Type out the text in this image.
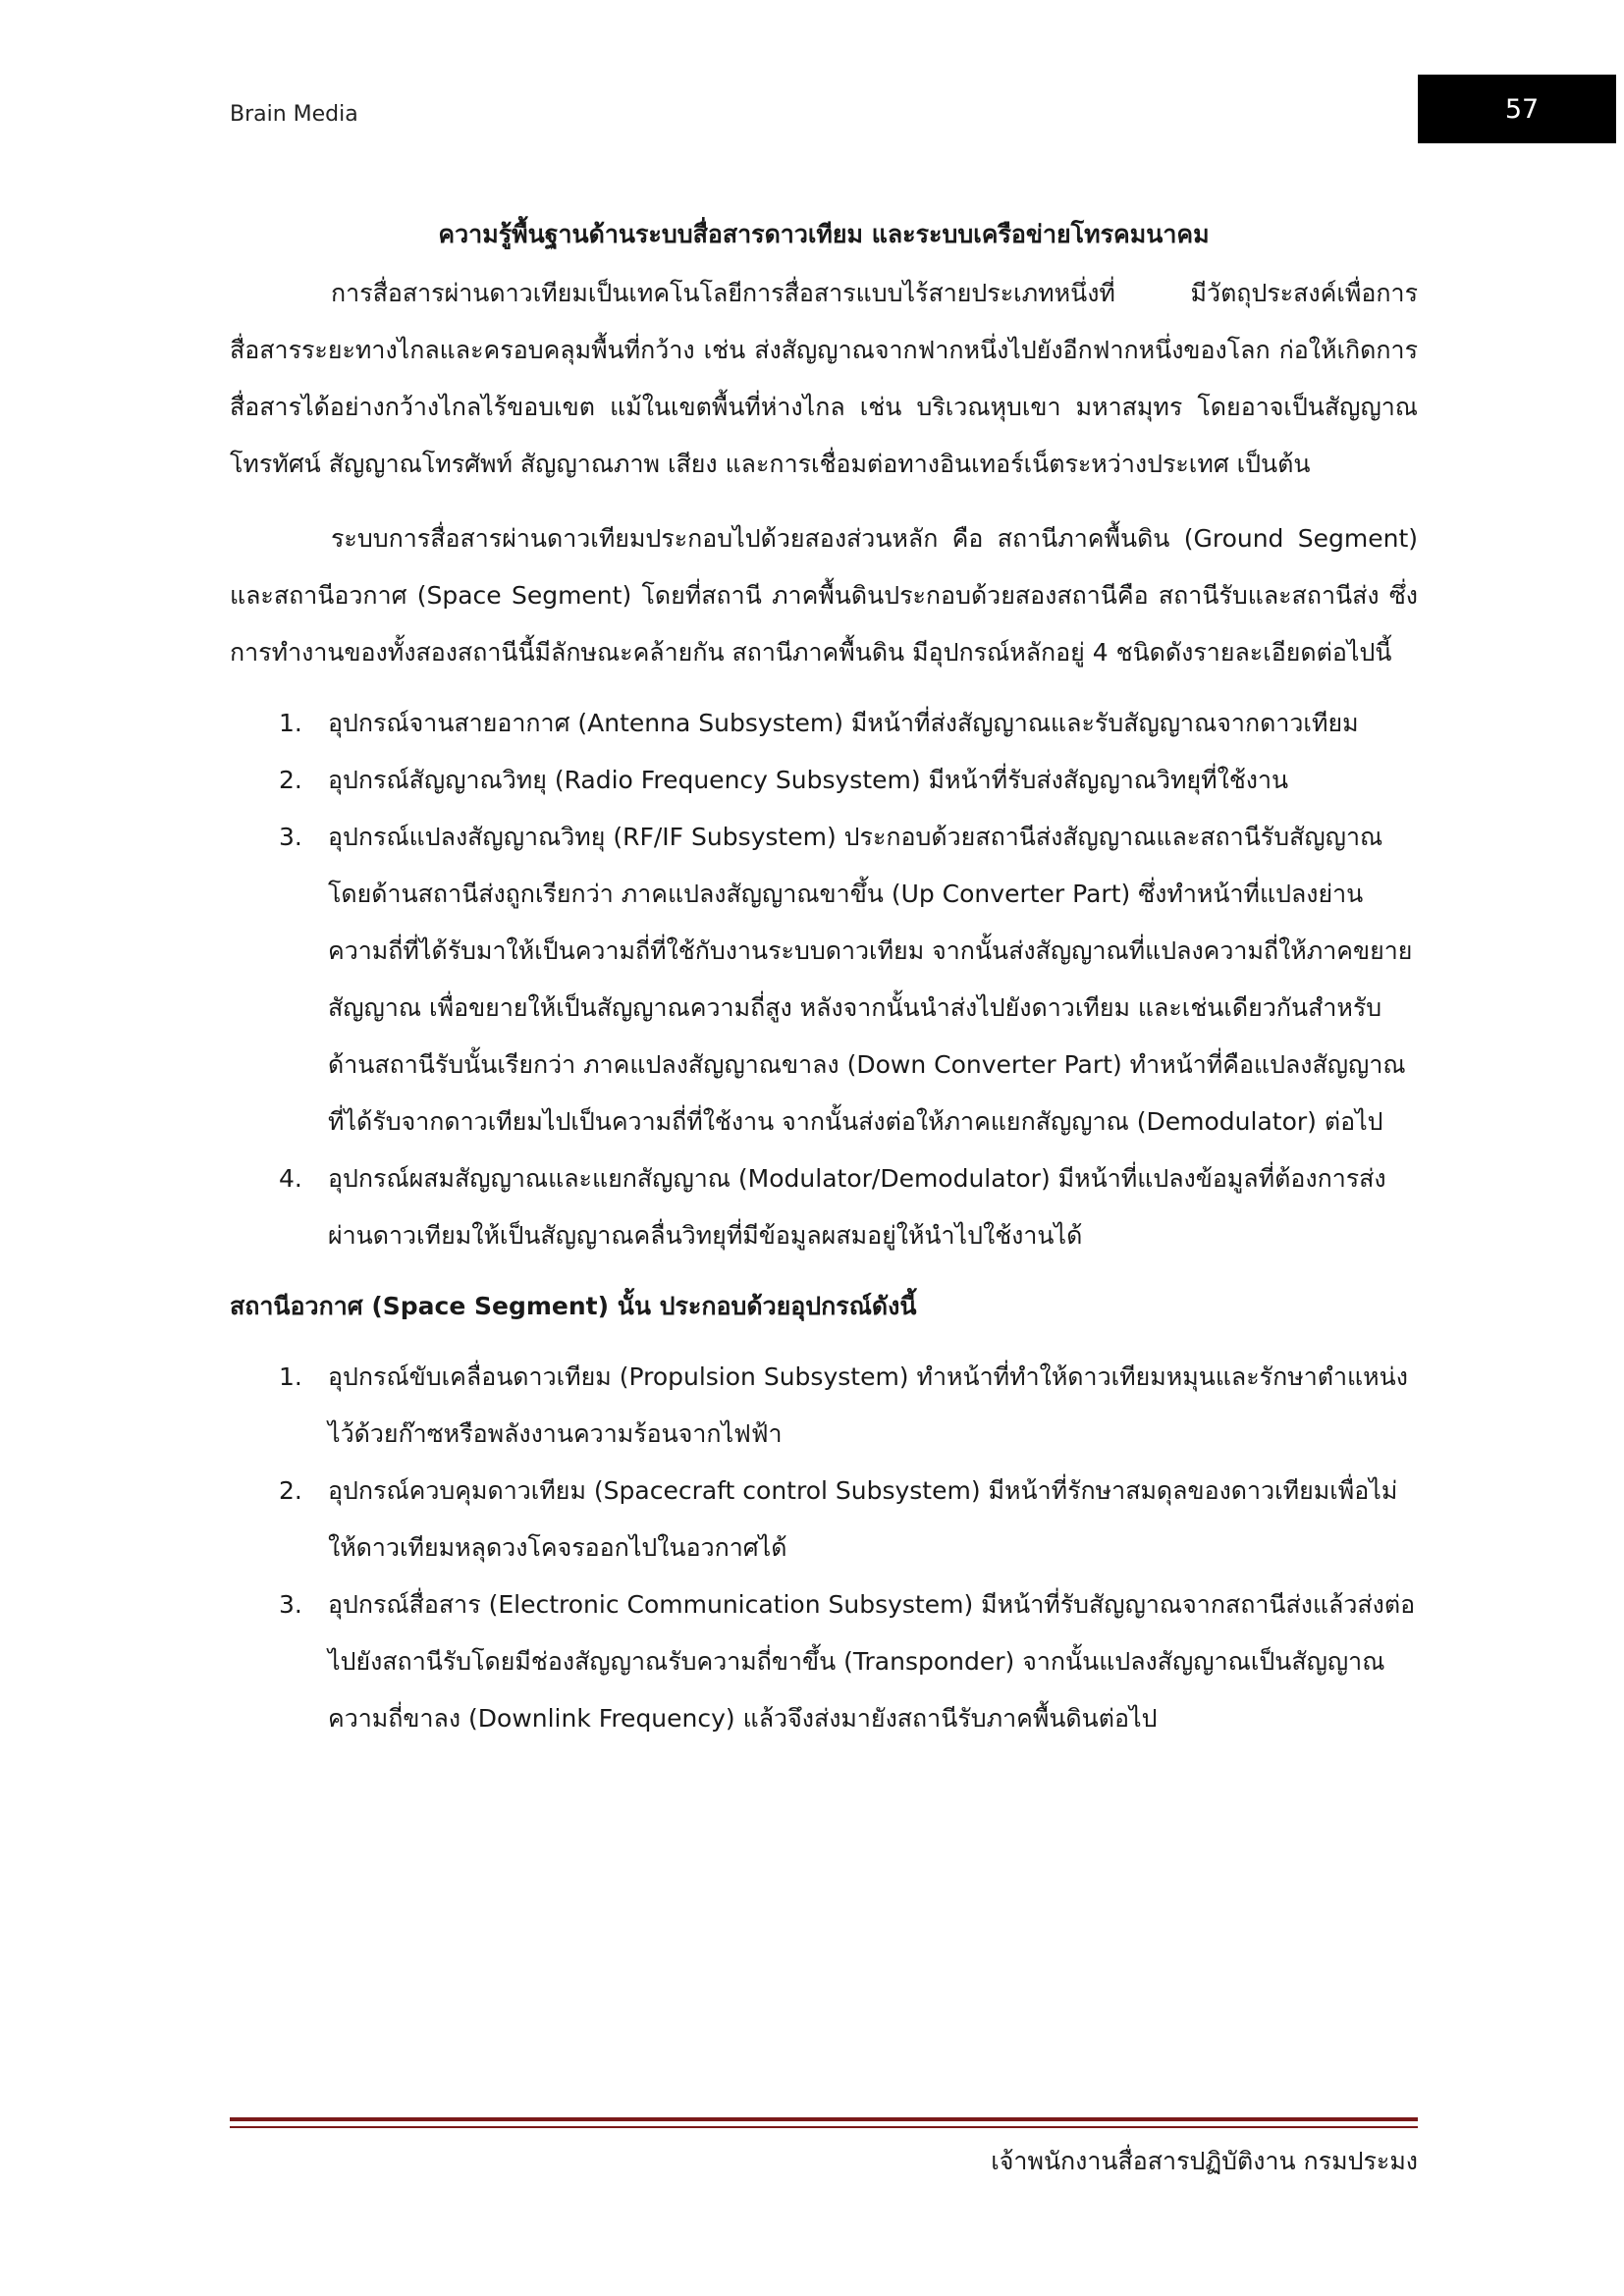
Brain Media	57
ความรู้พื้นฐานด้านระบบสื่อสารดาวเทียม และระบบเครือข่ายโทรคมนาคม

การสื่อสารผ่านดาวเทียมเป็นเทคโนโลยีการสื่อสารแบบไร้สายประเภทหนึ่งที่ มีวัตถุประสงค์เพื่อการสื่อสารระยะทางไกลและครอบคลุมพื้นที่กว้าง เช่น ส่งสัญญาณจากฟากหนึ่งไปยังอีกฟากหนึ่งของโลก ก่อให้เกิดการสื่อสารได้อย่างกว้างไกลไร้ขอบเขต แม้ในเขตพื้นที่ห่างไกล เช่น บริเวณหุบเขา มหาสมุทร โดยอาจเป็นสัญญาณโทรทัศน์ สัญญาณโทรศัพท์ สัญญาณภาพ เสียง และการเชื่อมต่อทางอินเทอร์เน็ตระหว่างประเทศ เป็นต้น

ระบบการสื่อสารผ่านดาวเทียมประกอบไปด้วยสองส่วนหลัก คือ สถานีภาคพื้นดิน (Ground Segment) และสถานีอวกาศ (Space Segment) โดยที่สถานี ภาคพื้นดินประกอบด้วยสองสถานีคือ สถานีรับและสถานีส่ง ซึ่งการทำงานของทั้งสองสถานีนี้มีลักษณะคล้ายกัน สถานีภาคพื้นดิน มีอุปกรณ์หลักอยู่ 4 ชนิดดังรายละเอียดต่อไปนี้

1. อุปกรณ์จานสายอากาศ (Antenna Subsystem) มีหน้าที่ส่งสัญญาณและรับสัญญาณจากดาวเทียม
2. อุปกรณ์สัญญาณวิทยุ (Radio Frequency Subsystem) มีหน้าที่รับส่งสัญญาณวิทยุที่ใช้งาน
3. อุปกรณ์แปลงสัญญาณวิทยุ (RF/IF Subsystem) ประกอบด้วยสถานีส่งสัญญาณและสถานีรับสัญญาณ โดยด้านสถานีส่งถูกเรียกว่า ภาคแปลงสัญญาณขาขึ้น (Up Converter Part) ซึ่งทำหน้าที่แปลงย่านความถี่ที่ได้รับมาให้เป็นความถี่ที่ใช้กับงานระบบดาวเทียม จากนั้นส่งสัญญาณที่แปลงความถี่ให้ภาคขยายสัญญาณ เพื่อขยายให้เป็นสัญญาณความถี่สูง หลังจากนั้นนำส่งไปยังดาวเทียม และเช่นเดียวกันสำหรับด้านสถานีรับนั้นเรียกว่า ภาคแปลงสัญญาณขาลง (Down Converter Part) ทำหน้าที่คือแปลงสัญญาณที่ได้รับจากดาวเทียมไปเป็นความถี่ที่ใช้งาน จากนั้นส่งต่อให้ภาคแยกสัญญาณ (Demodulator) ต่อไป
4. อุปกรณ์ผสมสัญญาณและแยกสัญญาณ (Modulator/Demodulator) มีหน้าที่แปลงข้อมูลที่ต้องการส่งผ่านดาวเทียมให้เป็นสัญญาณคลื่นวิทยุที่มีข้อมูลผสมอยู่ให้นำไปใช้งานได้
สถานีอวกาศ (Space Segment) นั้น ประกอบด้วยอุปกรณ์ดังนี้
1. อุปกรณ์ขับเคลื่อนดาวเทียม (Propulsion Subsystem) ทำหน้าที่ทำให้ดาวเทียมหมุนและรักษาตำแหน่งไว้ด้วยก๊าซหรือพลังงานความร้อนจากไฟฟ้า
2. อุปกรณ์ควบคุมดาวเทียม (Spacecraft control Subsystem) มีหน้าที่รักษาสมดุลของดาวเทียมเพื่อไม่ให้ดาวเทียมหลุดวงโคจรออกไปในอวกาศได้
3. อุปกรณ์สื่อสาร (Electronic Communication Subsystem) มีหน้าที่รับสัญญาณจากสถานีส่งแล้วส่งต่อไปยังสถานีรับโดยมีช่องสัญญาณรับความถี่ขาขึ้น (Transponder) จากนั้นแปลงสัญญาณเป็นสัญญาณความถี่ขาลง (Downlink Frequency) แล้วจึงส่งมายังสถานีรับภาคพื้นดินต่อไป
เจ้าพนักงานสื่อสารปฏิบัติงาน กรมประมง
